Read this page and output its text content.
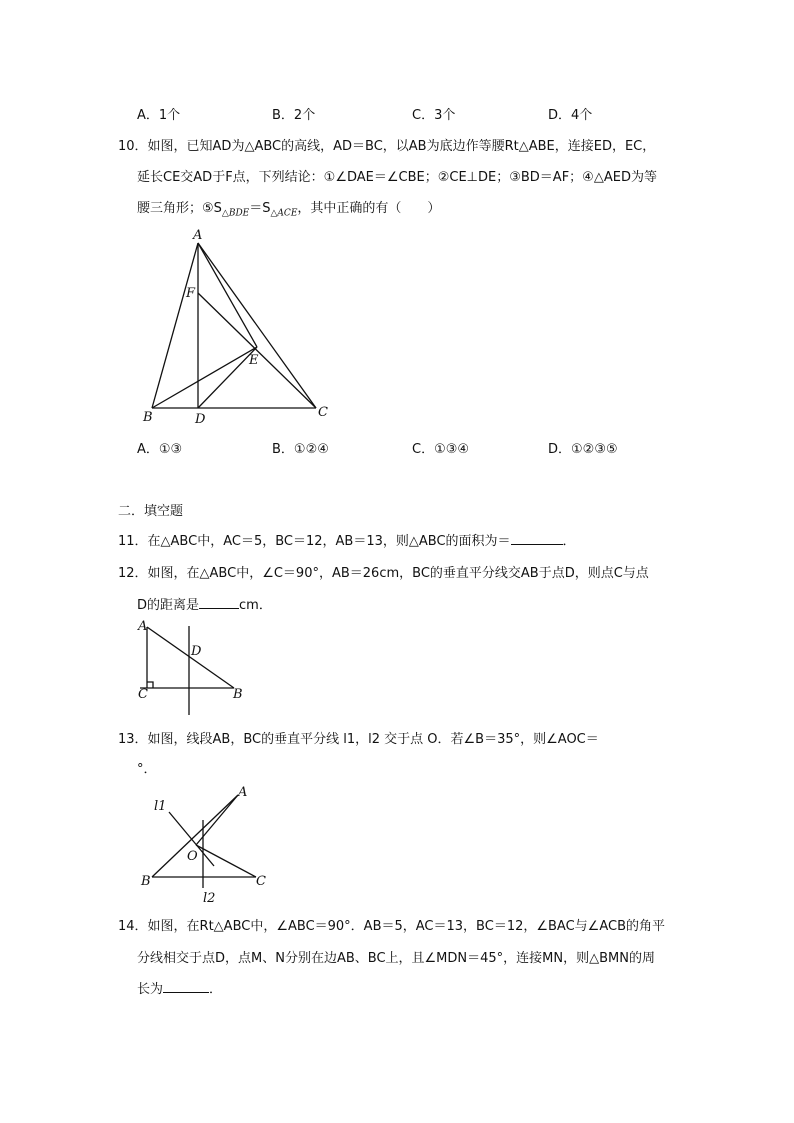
A．1个	B．2个	C．3个	D．4个
10．如图，已知AD为△ABC的高线，AD＝BC，以AB为底边作等腰Rt△ABE，连接ED，EC，
延长CE交AD于F点，下列结论：①∠DAE＝∠CBE；②CE⊥DE；③BD＝AF；④△AED为等
腰三角形；$⑤S_{\triangle BDE}=S_{\triangle ACE}$，其中正确的有（　　）
A
F
E
B	D	C
A．①③	B．①②④	C．①③④	D．①②③⑤
二．填空题
11．在△ABC中，AC＝5，BC＝12，AB＝13，则△ABC的面积为＝	．
12．如图，在△ABC中，∠C＝90°，AB＝26cm，BC的垂直平分线交AB于点D，则点C与点
D的距离是	cm．
A
D
C	B
13．如图，线段AB，BC的垂直平分线 l1，l2 交于点 O．若∠B＝35°，则∠AOC＝
°．
l1
A
O
B	C
l2
14．如图，在Rt△ABC中，∠ABC＝90°．AB＝5，AC＝13，BC＝12，∠BAC与∠ACB的角平
分线相交于点D，点M、N分别在边AB、BC上，且∠MDN＝45°，连接MN，则△BMN的周
长为	．
